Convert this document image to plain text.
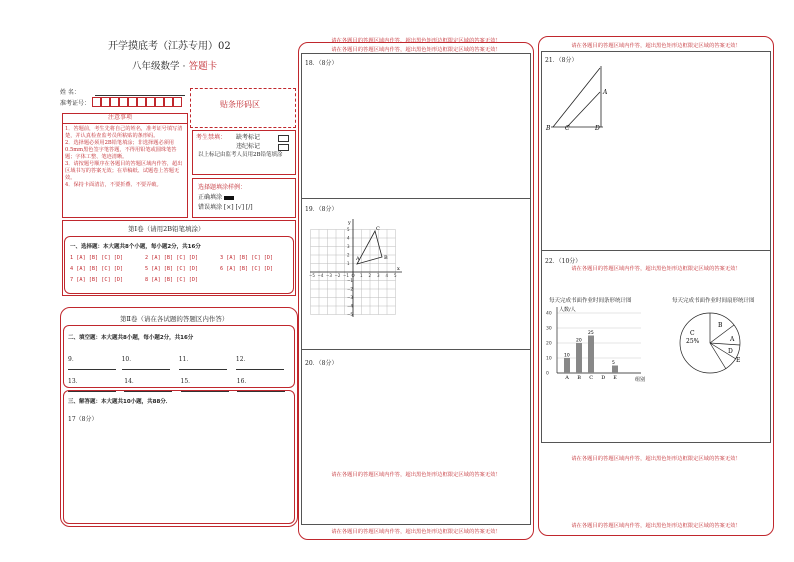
开学摸底考（江苏专用）02
八年级数学 · 答题卡
姓 名：
准考证号：	贴条形码区
注意事项
1．答题前，考生先将自己的姓名，准考证号填写清楚，并认真检查监考员所粘贴的条形码。
2．选择题必须用2B铅笔填涂；非选择题必须用0.5mm黑色签字笔答题，不得用铅笔或圆珠笔答题；字体工整、笔迹清晰。
3．请按题号顺序在各题目的答题区域内作答，超出区域书写的答案无效；在草稿纸、试题卷上答题无效。
4．保持卡面清洁，不要折叠、不要弄破。
考生禁填： 缺考标记
违纪标记
以上标记由监考人员用2B铅笔填涂
选择题填涂样例：
正确填涂
错误填涂 [×] [√] [/]
第Ⅰ卷（请用2B铅笔填涂）
一、选择题：本大题共8个小题，每小题2分，共16分
1 [A] [B] [C] [D]	2 [A] [B] [C] [D]	3 [A] [B] [C] [D]
4 [A] [B] [C] [D]	5 [A] [B] [C] [D]	6 [A] [B] [C] [D]
7 [A] [B] [C] [D]	8 [A] [B] [C] [D]
第Ⅱ卷（请在各试题的答题区内作答）
二、填空题：本大题共8小题，每小题2分，共16分
9．	10．	11．	12．
13．	14．	15．	16．
三、解答题：本大题共10小题，共88分．
17（8分）
请在各题目的答题区域内作答，超出黑色矩形边框限定区域的答案无效！
请在各题目的答题区域内作答，超出黑色矩形边框限定区域的答案无效！
18．（8分）
19．（8分）
y
x
A	B
C
−5 −4 −3 −2 −1 O 1 2 3 4 5
5
4
3
2
1
−1
−2
−3
−4
−5
20．（8分）
请在各题目的答题区域内作答，超出黑色矩形边框限定区域的答案无效！
请在各题目的答题区域内作答，超出黑色矩形边框限定区域的答案无效！
请在各题目的答题区域内作答，超出黑色矩形边框限定区域的答案无效！
21．（8分）
B C	D
A
22．（10分）
请在各题目的答题区域内作答，超出黑色矩形边框限定区域的答案无效！
每天完成书面作业时间条形统计图	每天完成书面作业时间扇形统计图
人数/人
组别
0
10
20
30
40
10
A
20
B
25
C D
5
E
C
25%
B
A
D
E
请在各题目的答题区域内作答，超出黑色矩形边框限定区域的答案无效！
请在各题目的答题区域内作答，超出黑色矩形边框限定区域的答案无效！
